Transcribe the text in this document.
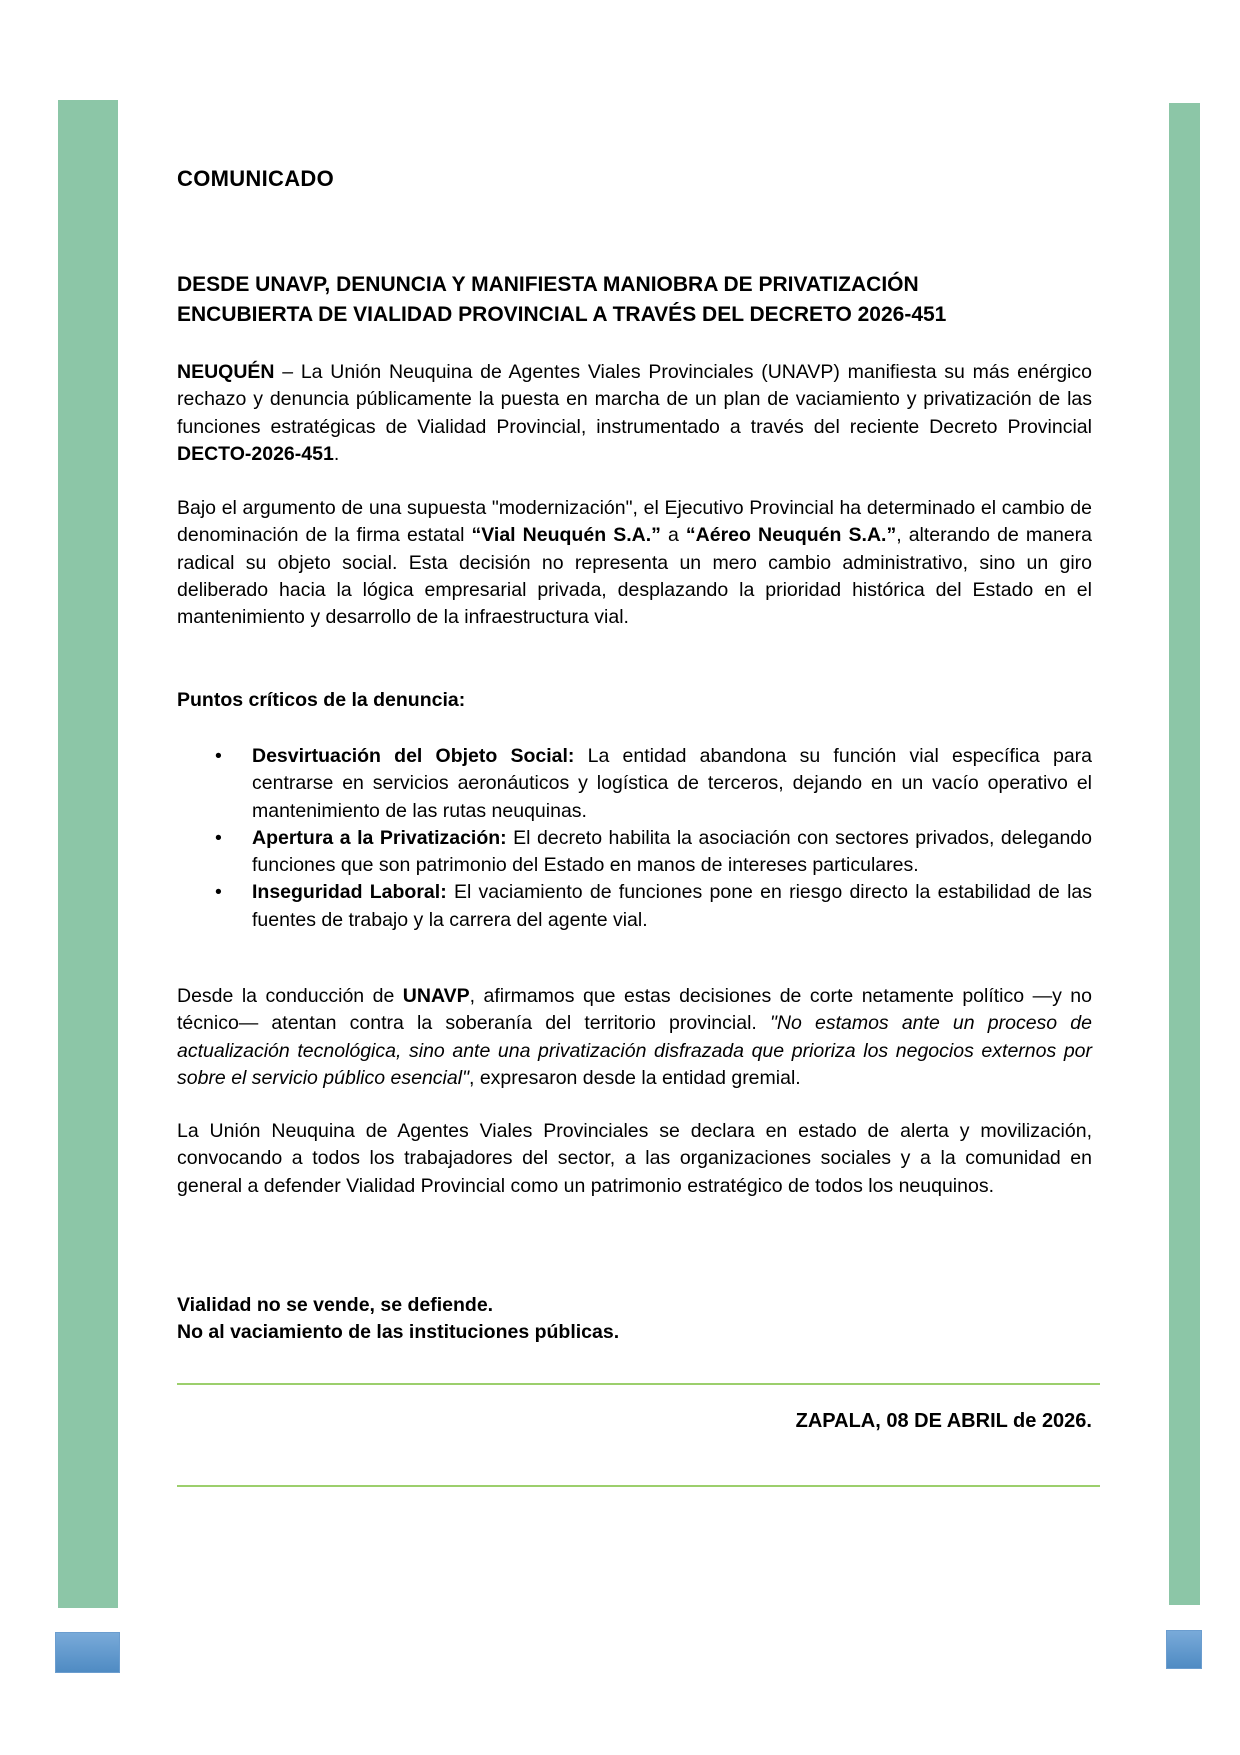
COMUNICADO
DESDE UNAVP, DENUNCIA Y MANIFIESTA MANIOBRA DE PRIVATIZACIÓN
ENCUBIERTA DE VIALIDAD PROVINCIAL A TRAVÉS DEL DECRETO 2026-451
NEUQUÉN – La Unión Neuquina de Agentes Viales Provinciales (UNAVP) manifiesta su más enérgico rechazo y denuncia públicamente la puesta en marcha de un plan de vaciamiento y privatización de las funciones estratégicas de Vialidad Provincial, instrumentado a través del reciente Decreto Provincial DECTO-2026-451.
Bajo el argumento de una supuesta "modernización", el Ejecutivo Provincial ha determinado el cambio de denominación de la firma estatal “Vial Neuquén S.A.” a “Aéreo Neuquén S.A.”, alterando de manera radical su objeto social. Esta decisión no representa un mero cambio administrativo, sino un giro deliberado hacia la lógica empresarial privada, desplazando la prioridad histórica del Estado en el mantenimiento y desarrollo de la infraestructura vial.
Puntos críticos de la denuncia:
• Desvirtuación del Objeto Social: La entidad abandona su función vial específica para centrarse en servicios aeronáuticos y logística de terceros, dejando en un vacío operativo el mantenimiento de las rutas neuquinas.
• Apertura a la Privatización: El decreto habilita la asociación con sectores privados, delegando funciones que son patrimonio del Estado en manos de intereses particulares.
• Inseguridad Laboral: El vaciamiento de funciones pone en riesgo directo la estabilidad de las fuentes de trabajo y la carrera del agente vial.
Desde la conducción de UNAVP, afirmamos que estas decisiones de corte netamente político —y no técnico— atentan contra la soberanía del territorio provincial. "No estamos ante un proceso de actualización tecnológica, sino ante una privatización disfrazada que prioriza los negocios externos por sobre el servicio público esencial", expresaron desde la entidad gremial.
La Unión Neuquina de Agentes Viales Provinciales se declara en estado de alerta y movilización, convocando a todos los trabajadores del sector, a las organizaciones sociales y a la comunidad en general a defender Vialidad Provincial como un patrimonio estratégico de todos los neuquinos.
Vialidad no se vende, se defiende.
No al vaciamiento de las instituciones públicas.
ZAPALA, 08 DE ABRIL de 2026.
